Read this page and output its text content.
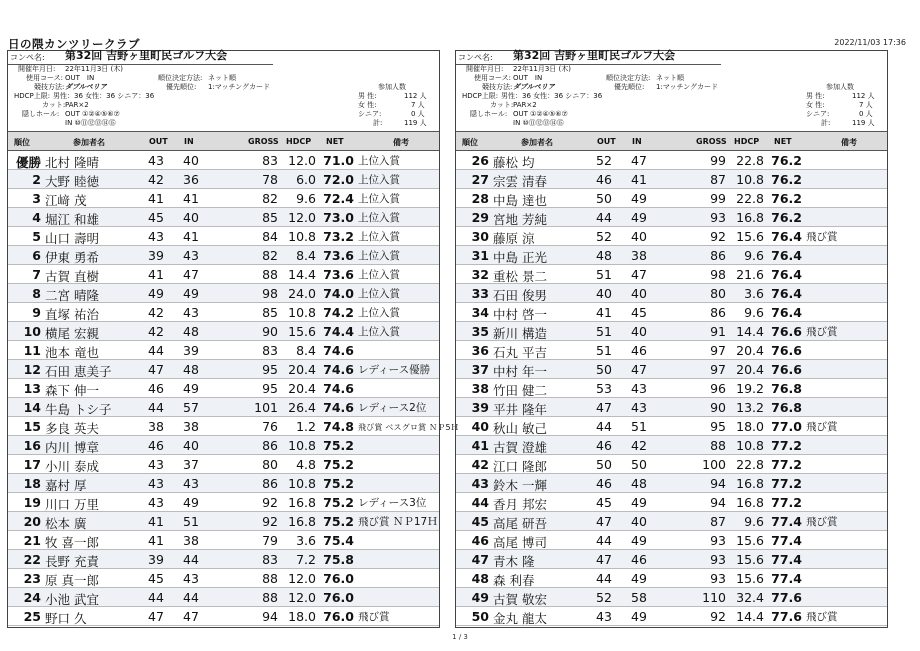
日の隈カンツリークラブ	2022/11/03 17:36
コンペ名: 第32回 吉野ヶ里町民ゴルフ大会
開催年月日: 22年11月3日 (木)
使用コース: OUT　IN
競技方法: ダブルペリア
HDCP上限: 男性：36 女性：36 シニア：36
カット: PAR×2
隠しホール: OUT ①②④⑤⑥⑦
IN ⑩⑪⑫⑬⑭⑮
順位決定方法: ネット順
優先順位: 1:マッチングカード	参加人数
男 性:	112 人
女 性:	7 人
シニア:	0 人
計:	119 人
順位	参加者名	OUT IN	GROSS HDCP NET	備考
優勝 北村 隆晴	43 40	83 12.0 71.0 上位入賞
2 大野 睦徳	42 36	78	6.0 72.0 上位入賞
3 江﨑 茂	41 41	82	9.6 72.4 上位入賞
4 堀江 和雄	45 40	85 12.0 73.0 上位入賞
5 山口 壽明	43 41	84 10.8 73.2 上位入賞
6 伊東 勇希	39 43	82	8.4 73.6 上位入賞
7 古賀 直樹	41 47	88 14.4 73.6 上位入賞
8 二宮 晴隆	49 49	98 24.0 74.0 上位入賞
9 直塚 祐治	42 43	85 10.8 74.2 上位入賞
10 横尾 宏親	42 48	90 15.6 74.4 上位入賞
11 池本 竜也	44 39	83	8.4 74.6
12 石田 恵美子	47 48	95 20.4 74.6 レディース優勝
13 森下 伸一	46 49	95 20.4 74.6
14 牛島 トシ子	44 57	101 26.4 74.6 レディース2位
15 多良 英夫	38 38	76	1.2 74.8 飛び賞 ベスグロ賞 ＮＰ5Ｈ
16 内川 博章	46 40	86 10.8 75.2
17 小川 泰成	43 37	80	4.8 75.2
18 嘉村 厚	43 43	86 10.8 75.2
19 川口 万里	43 49	92 16.8 75.2 レディース3位
20 松本 廣	41 51	92 16.8 75.2 飛び賞 ＮＰ17Ｈ
21 牧 喜一郎	41 38	79	3.6 75.4
22 長野 充責	39 44	83	7.2 75.8
23 原 真一郎	45 43	88 12.0 76.0
24 小池 武宜	44 44	88 12.0 76.0
25 野口 久	47 47	94 18.0 76.0 飛び賞
コンペ名: 第32回 吉野ヶ里町民ゴルフ大会
開催年月日: 22年11月3日 (木)
使用コース: OUT　IN
競技方法: ダブルペリア
HDCP上限: 男性：36 女性：36 シニア：36
カット: PAR×2
隠しホール: OUT ①②④⑤⑥⑦
IN ⑩⑪⑫⑬⑭⑮
順位決定方法: ネット順
優先順位: 1:マッチングカード	参加人数
男 性:	112 人
女 性:	7 人
シニア:	0 人
計:	119 人
順位	参加者名	OUT IN	GROSS HDCP NET	備考
26 藤松 均	52 47	99 22.8 76.2
27 宗雲 清春	46 41	87 10.8 76.2
28 中島 達也	50 49	99 22.8 76.2
29 宮地 芳純	44 49	93 16.8 76.2
30 藤原 涼	52 40	92 15.6 76.4 飛び賞
31 中島 正光	48 38	86	9.6 76.4
32 重松 景二	51 47	98 21.6 76.4
33 石田 俊男	40 40	80	3.6 76.4
34 中村 啓一	41 45	86	9.6 76.4
35 新川 構造	51 40	91 14.4 76.6 飛び賞
36 石丸 平吉	51 46	97 20.4 76.6
37 中村 年一	50 47	97 20.4 76.6
38 竹田 健二	53 43	96 19.2 76.8
39 平井 隆年	47 43	90 13.2 76.8
40 秋山 敏己	44 51	95 18.0 77.0 飛び賞
41 古賀 澄雄	46 42	88 10.8 77.2
42 江口 隆郎	50 50	100 22.8 77.2
43 鈴木 一輝	46 48	94 16.8 77.2
44 香月 邦宏	45 49	94 16.8 77.2
45 高尾 研吾	47 40	87	9.6 77.4 飛び賞
46 高尾 博司	44 49	93 15.6 77.4
47 青木 隆	47 46	93 15.6 77.4
48 森 利春	44 49	93 15.6 77.4
49 古賀 敬宏	52 58	110 32.4 77.6
50 金丸 龍太	43 49	92 14.4 77.6 飛び賞
1 / 3
